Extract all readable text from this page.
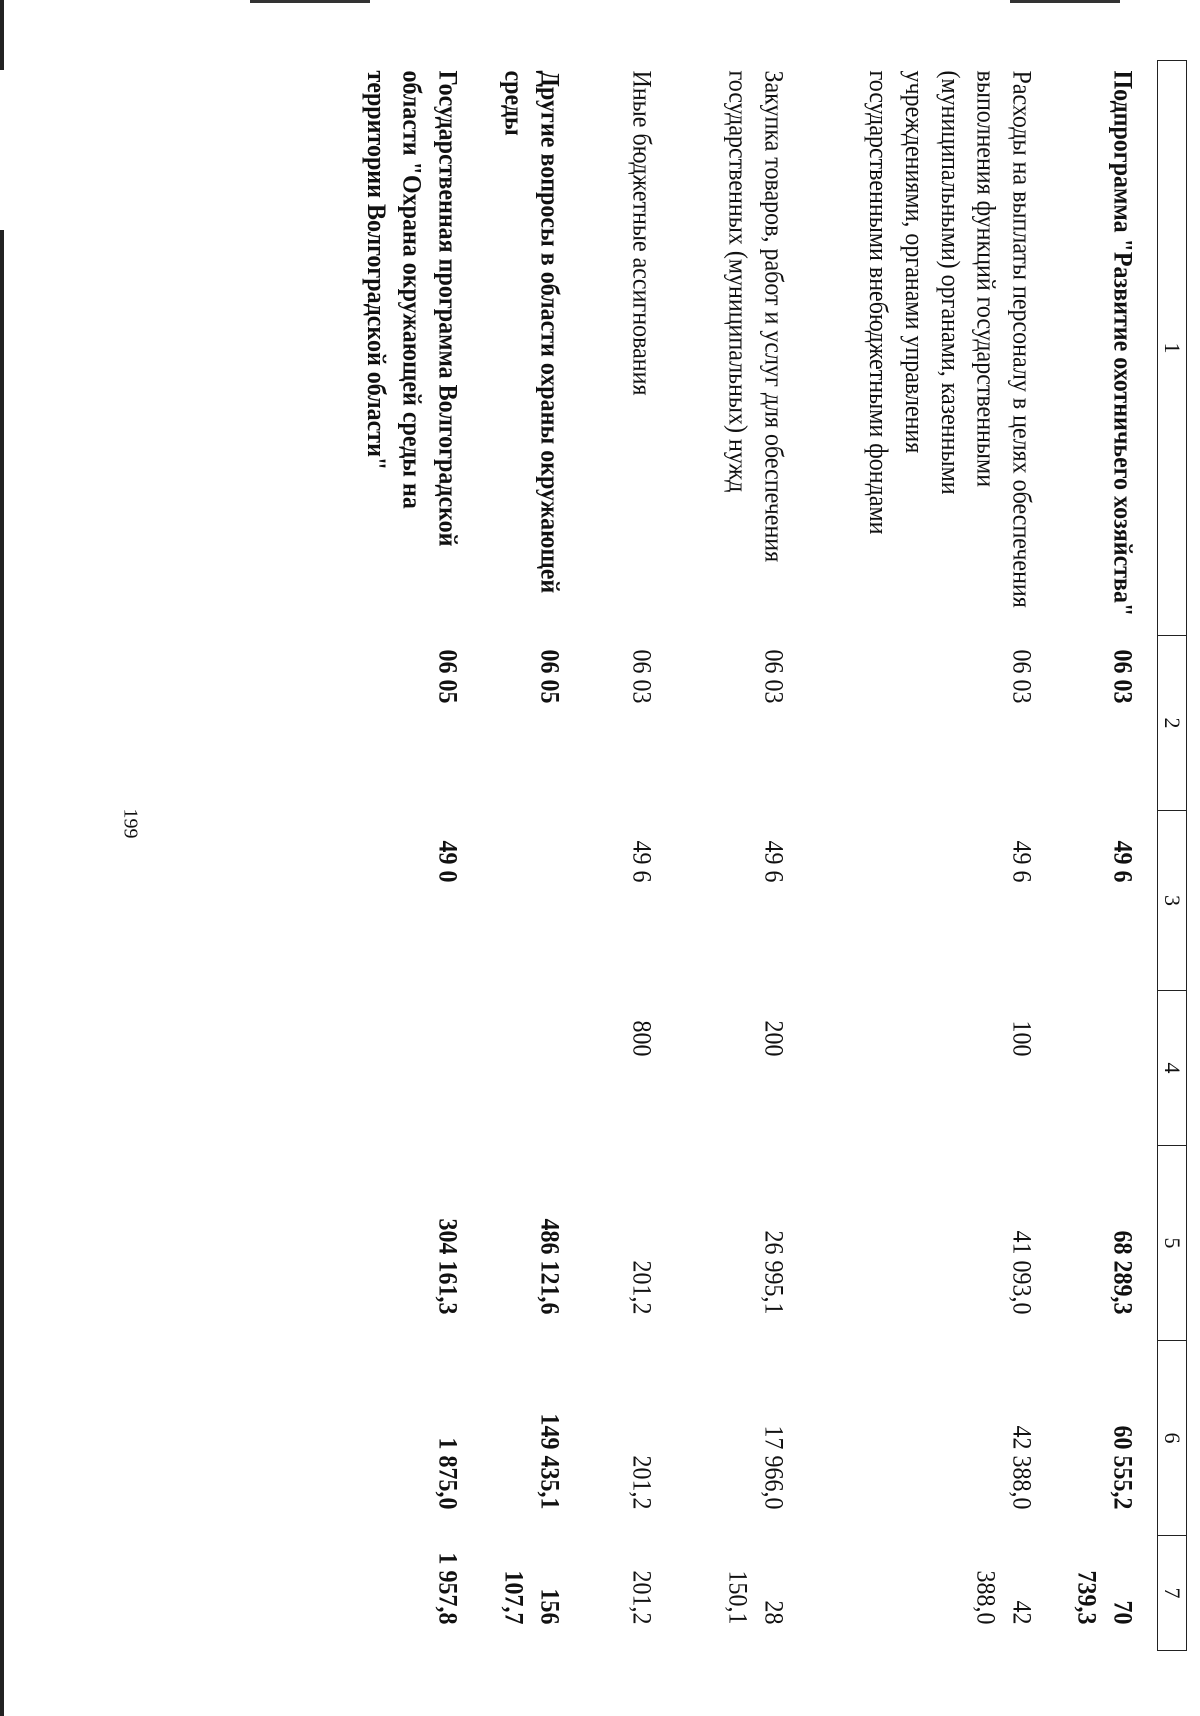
199
1	2	3	4	5	6	7
Подпрограмма "Развитие охотничьего хозяйства"	06 03	49 6		68 289,3	60 555,2	70 739,3
Расходы на выплаты персоналу в целях обеспечения выполнения функций государственными (муниципальными) органами, казенными учреждениями, органами управления государственными внебюджетными фондами	06 03	49 6	100	41 093,0	42 388,0	42 388,0
Закупка товаров, работ и услуг для обеспечения государственных (муниципальных) нужд	06 03	49 6	200	26 995,1	17 966,0	28 150,1
Иные бюджетные ассигнования	06 03	49 6	800	201,2	201,2	201,2
Другие вопросы в области охраны окружающей среды	06 05			486 121,6	149 435,1	156 107,7
Государственная программа Волгоградской области "Охрана окружающей среды на территории Волгоградской области"	06 05	49 0		304 161,3	1 875,0	1 957,8
